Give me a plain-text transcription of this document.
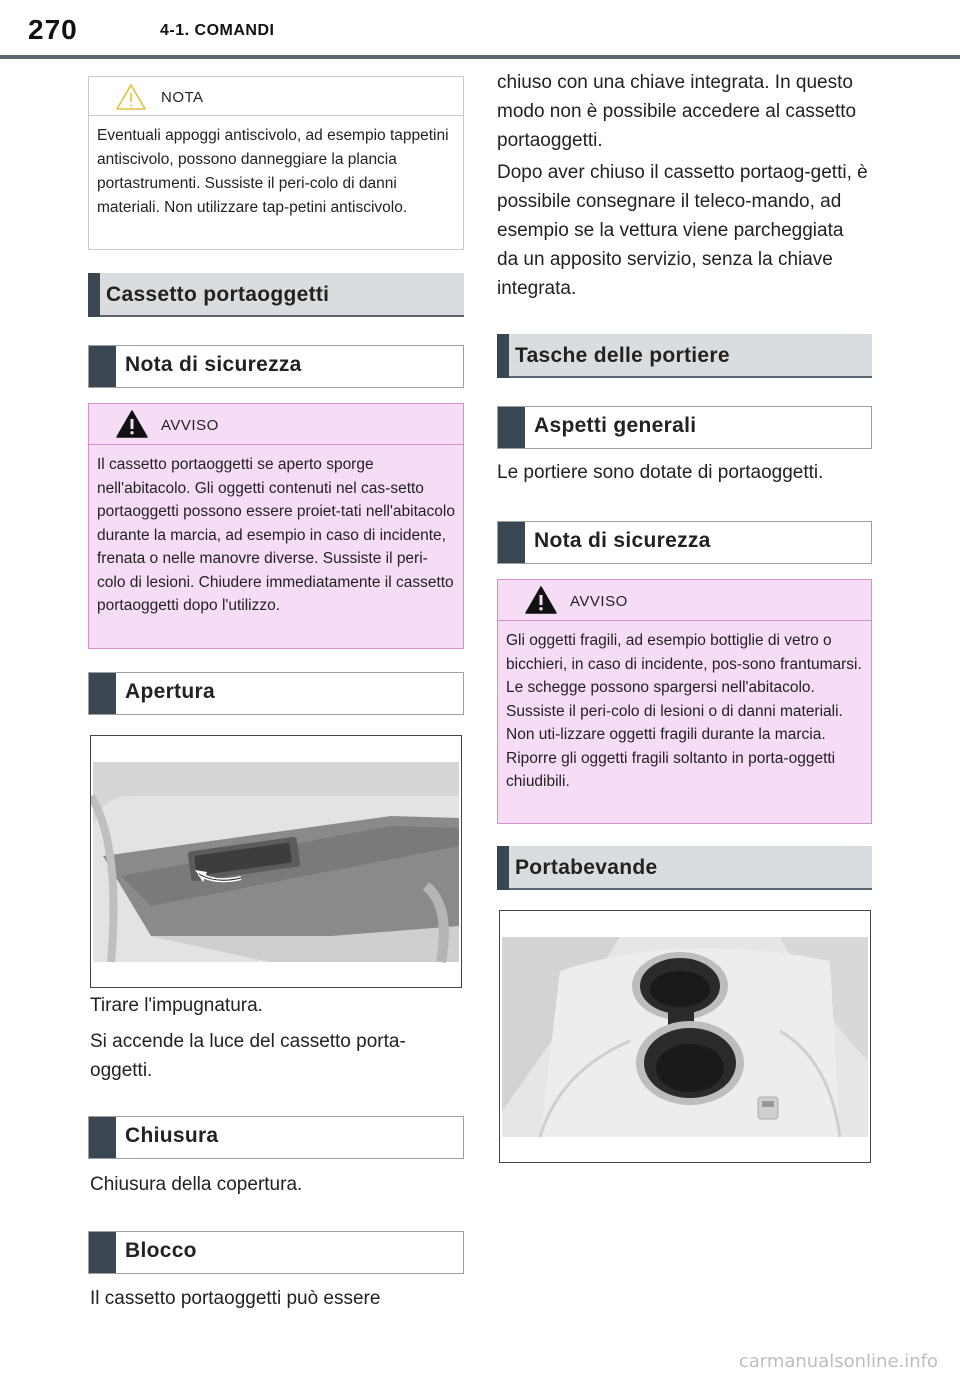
270	4-1. COMANDI
NOTA
Eventuali appoggi antiscivolo, ad esempio tappetini antiscivolo, possono danneggiare la plancia portastrumenti. Sussiste il peri-colo di danni materiali. Non utilizzare tap-petini antiscivolo.
Cassetto portaoggetti
Nota di sicurezza
AVVISO
Il cassetto portaoggetti se aperto sporge nell'abitacolo. Gli oggetti contenuti nel cas-setto portaoggetti possono essere proiet-tati nell'abitacolo durante la marcia, ad esempio in caso di incidente, frenata o nelle manovre diverse. Sussiste il peri-colo di lesioni. Chiudere immediatamente il cassetto portaoggetti dopo l'utilizzo.
Apertura
Tirare l'impugnatura.
Si accende la luce del cassetto porta-oggetti.
Chiusura
Chiusura della copertura.
Blocco
Il cassetto portaoggetti può essere
chiuso con una chiave integrata. In questo modo non è possibile accedere al cassetto portaoggetti.
Dopo aver chiuso il cassetto portaog-getti, è possibile consegnare il teleco-mando, ad esempio se la vettura viene parcheggiata da un apposito servizio, senza la chiave integrata.
Tasche delle portiere
Aspetti generali
Le portiere sono dotate di portaoggetti.
Nota di sicurezza
AVVISO
Gli oggetti fragili, ad esempio bottiglie di vetro o bicchieri, in caso di incidente, pos-sono frantumarsi. Le schegge possono spargersi nell'abitacolo. Sussiste il peri-colo di lesioni o di danni materiali. Non uti-lizzare oggetti fragili durante la marcia. Riporre gli oggetti fragili soltanto in porta-oggetti chiudibili.
Portabevande
carmanualsonline.info
